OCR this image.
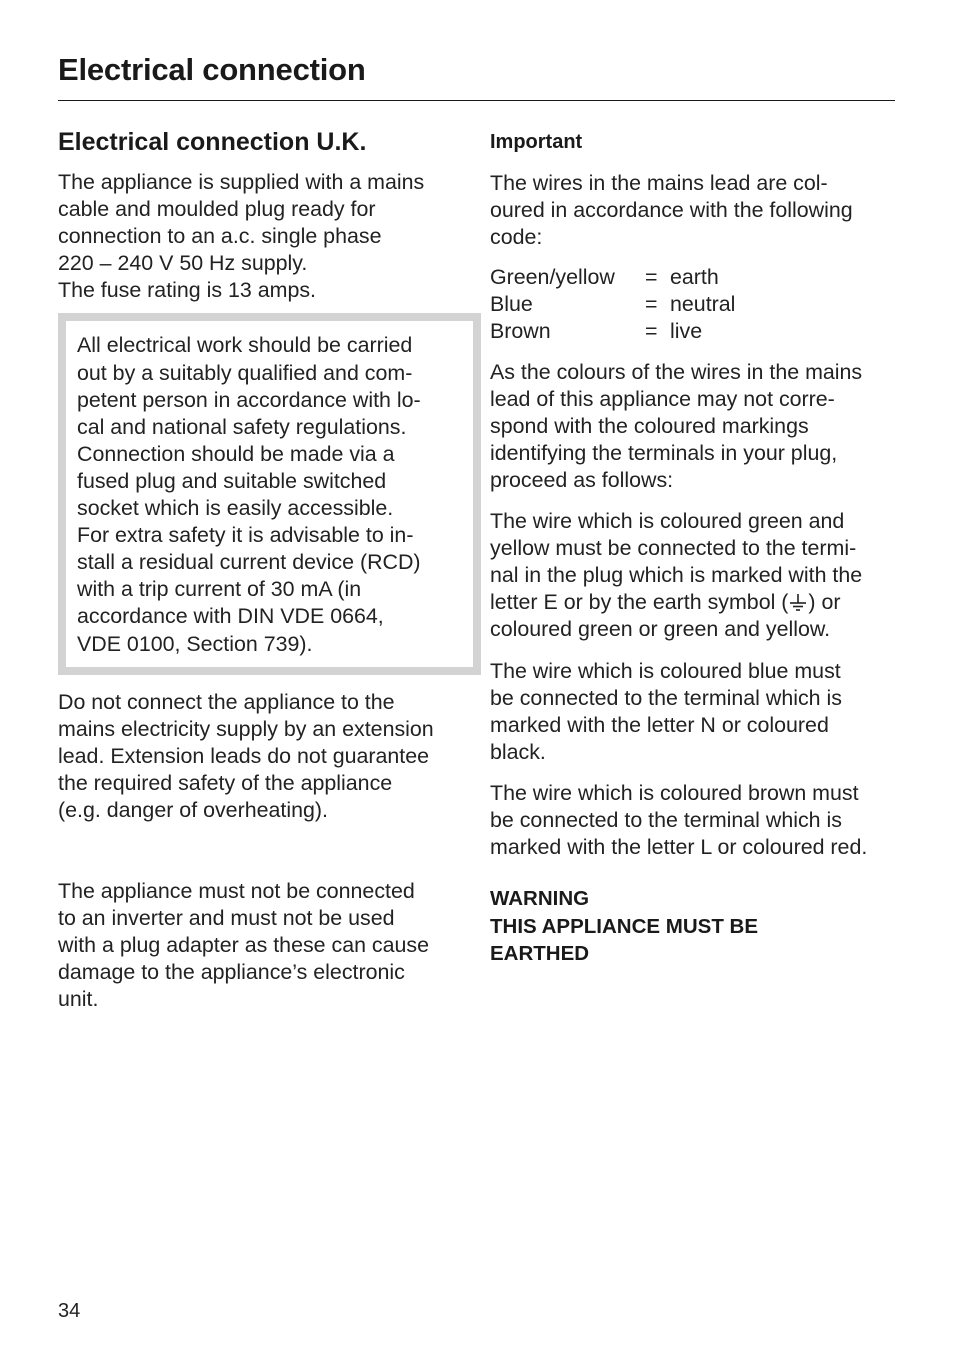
Electrical connection
Electrical connection U.K.
The appliance is supplied with a mains
cable and moulded plug ready for
connection to an a.c. single phase
220 – 240 V 50 Hz supply.
The fuse rating is 13 amps.
All electrical work should be carried
out by a suitably qualified and com-
petent person in accordance with lo-
cal and national safety regulations.
Connection should be made via a
fused plug and suitable switched
socket which is easily accessible.
For extra safety it is advisable to in-
stall a residual current device (RCD)
with a trip current of 30 mA (in
accordance with DIN VDE 0664,
VDE 0100, Section 739).
Do not connect the appliance to the
mains electricity supply by an extension
lead. Extension leads do not guarantee
the required safety of the appliance
(e.g. danger of overheating).
The appliance must not be connected
to an inverter and must not be used
with a plug adapter as these can cause
damage to the appliance’s electronic
unit.
Important
The wires in the mains lead are col-
oured in accordance with the following
code:
Green/yellow	= earth
Blue	= neutral
Brown	= live
As the colours of the wires in the mains
lead of this appliance may not corre-
spond with the coloured markings
identifying the terminals in your plug,
proceed as follows:
The wire which is coloured green and
yellow must be connected to the termi-
nal in the plug which is marked with the
letter E or by the earth symbol ( ) or
coloured green or green and yellow.
The wire which is coloured blue must
be connected to the terminal which is
marked with the letter N or coloured
black.
The wire which is coloured brown must
be connected to the terminal which is
marked with the letter L or coloured red.
WARNING
THIS APPLIANCE MUST BE
EARTHED
34
